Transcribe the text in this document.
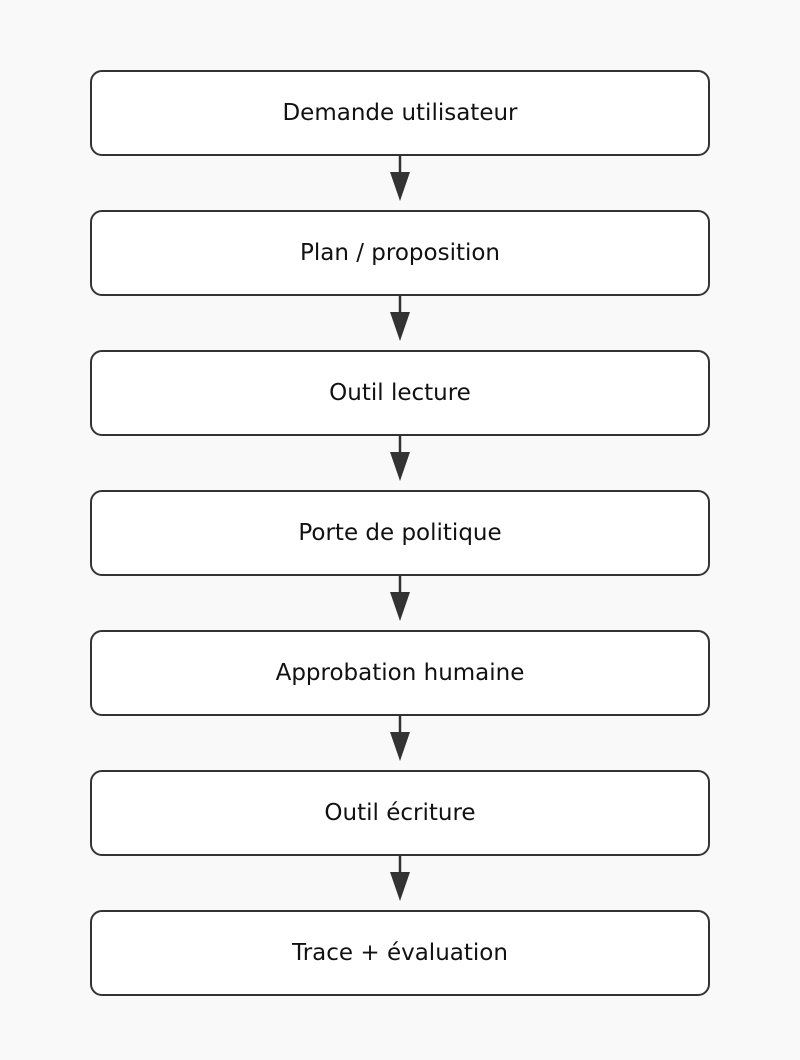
Demande utilisateur
Plan / proposition
Outil lecture
Porte de politique
Approbation humaine
Outil écriture
Trace + évaluation
